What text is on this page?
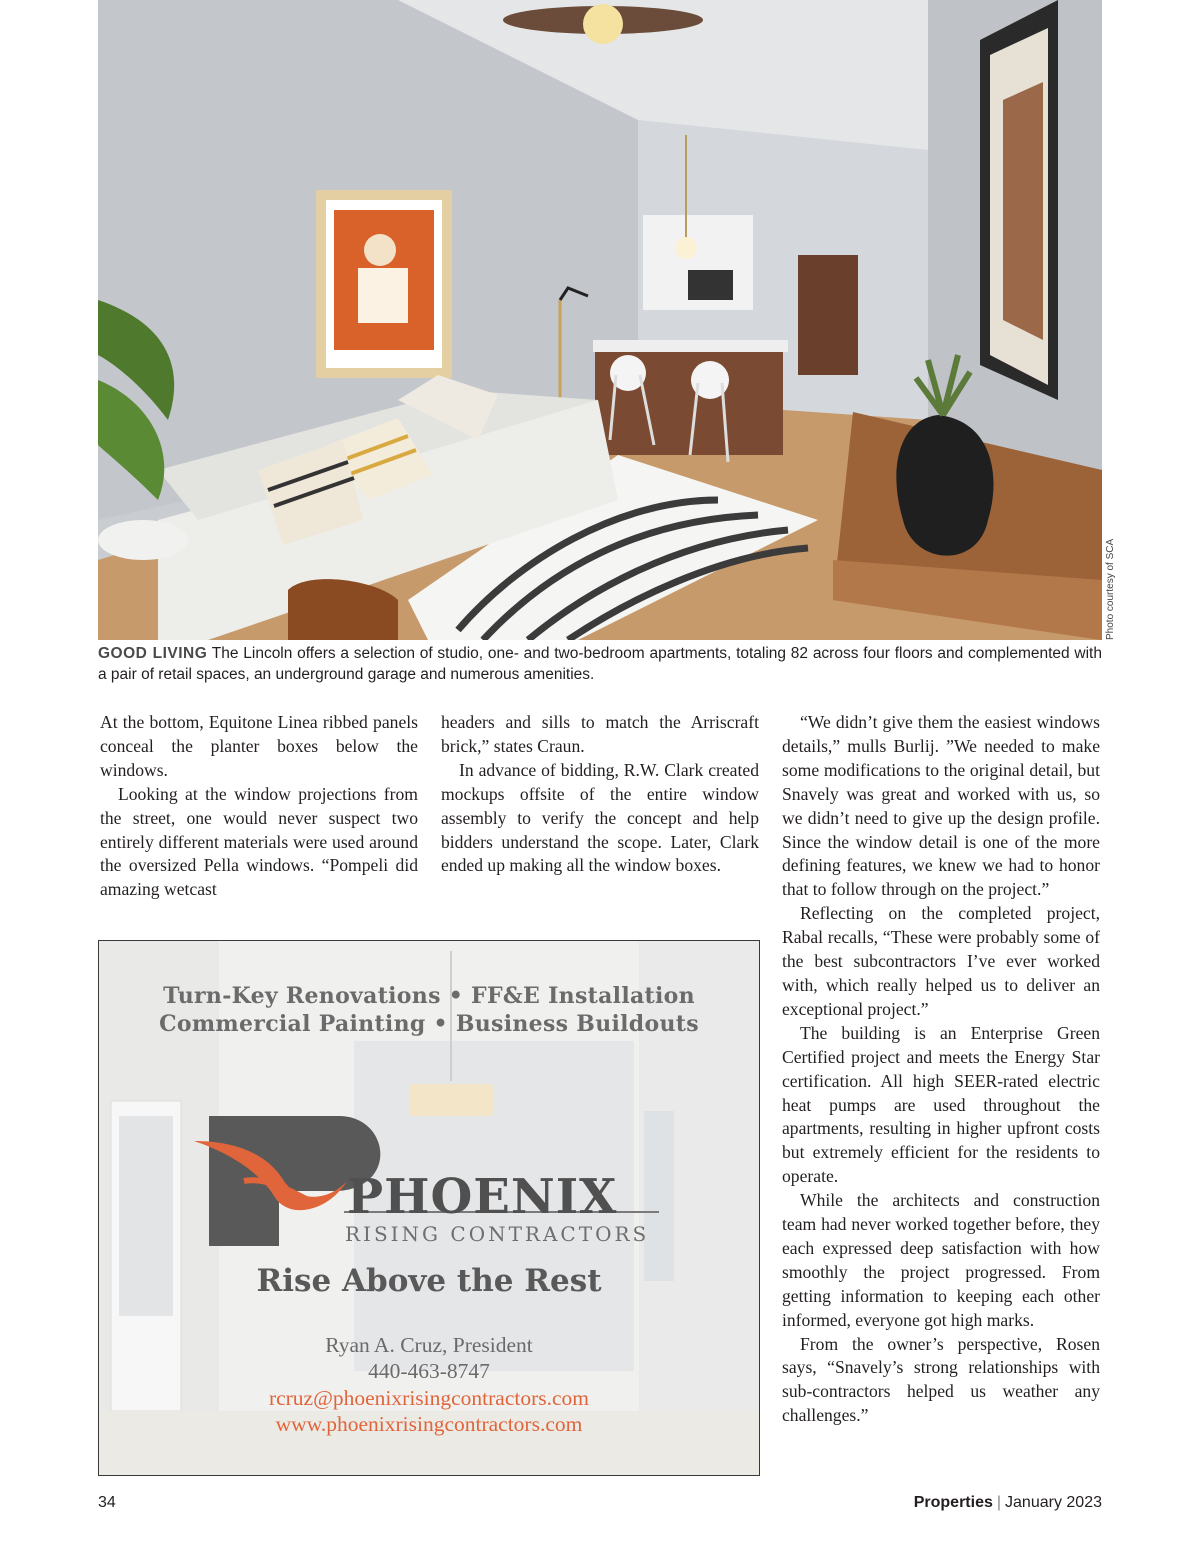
Photo courtesy of SCA
GOOD LIVING The Lincoln offers a selection of studio, one- and two-bedroom apartments, totaling 82 across four floors and complemented with a pair of retail spaces, an underground garage and numerous amenities.

At the bottom, Equitone Linea ribbed panels conceal the planter boxes below the windows.

Looking at the window projections from the street, one would never suspect two entirely different materials were used around the oversized Pella windows. “Pompeli did amazing wetcast

headers and sills to match the Arriscraft brick,” states Craun.

In advance of bidding, R.W. Clark created mockups offsite of the entire window assembly to verify the concept and help bidders understand the scope. Later, Clark ended up making all the window boxes.

“We didn’t give them the easiest windows details,” mulls Burlij. ”We needed to make some modifications to the original detail, but Snavely was great and worked with us, so we didn’t need to give up the design profile. Since the window detail is one of the more defining features, we knew we had to honor that to follow through on the project.”

Reflecting on the completed project, Rabal recalls, “These were probably some of the best subcontractors I’ve ever worked with, which really helped us to deliver an exceptional project.”

The building is an Enterprise Green Certified project and meets the Energy Star certification. All high SEER-rated electric heat pumps are used throughout the apartments, resulting in higher upfront costs but extremely efficient for the residents to operate.

While the architects and construction team had never worked together before, they each expressed deep satisfaction with how smoothly the project progressed. From getting information to keeping each other informed, everyone got high marks.

From the owner’s perspective, Rosen says, “Snavely’s strong relationships with sub-contractors helped us weather any challenges.”

Turn-Key Renovations • FF&E Installation
Commercial Painting • Business Buildouts
PHOENIX
RISING CONTRACTORS
Rise Above the Rest
Ryan A. Cruz, President
440-463-8747
rcruz@phoenixrisingcontractors.com
www.phoenixrisingcontractors.com
34	Properties | January 2023
